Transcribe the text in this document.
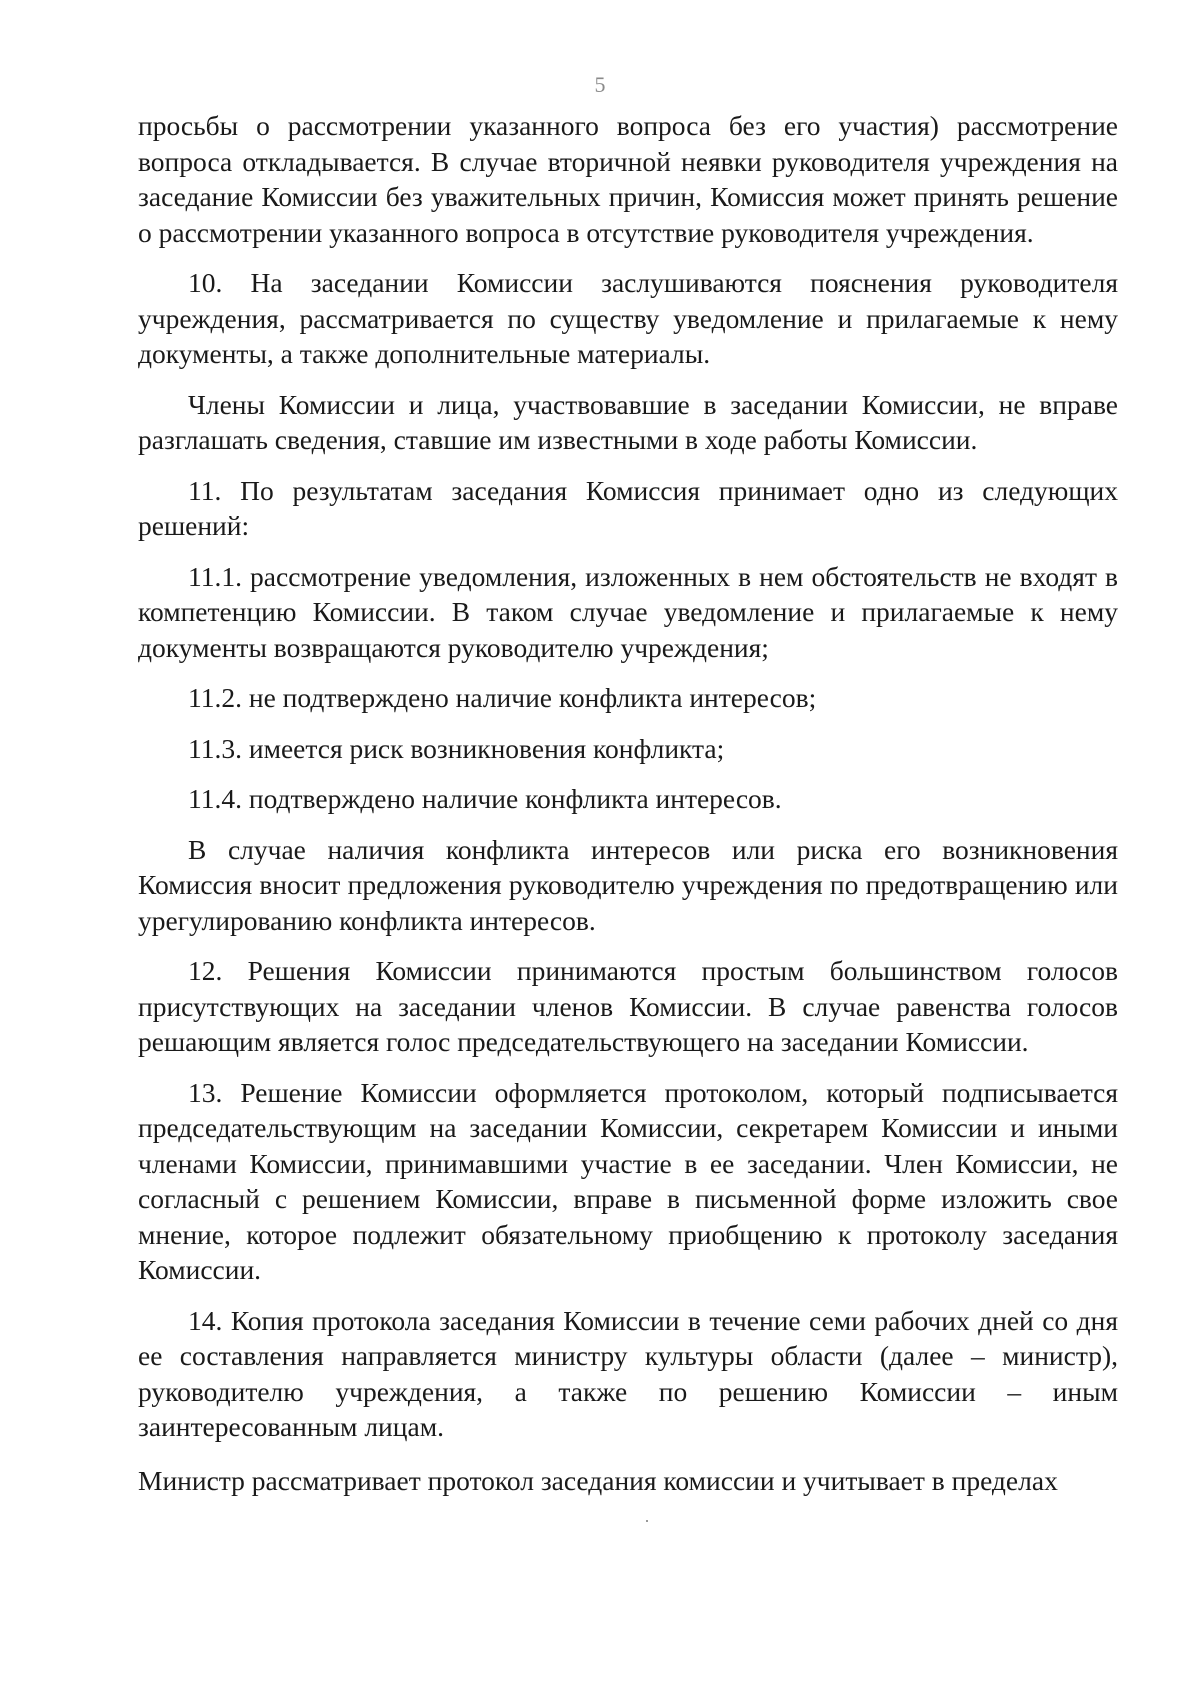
5

просьбы о рассмотрении указанного вопроса без его участия) рассмотрение вопроса откладывается. В случае вторичной неявки руководителя учреждения на заседание Комиссии без уважительных причин, Комиссия может принять решение о рассмотрении указанного вопроса в отсутствие руководителя учреждения.

10. На заседании Комиссии заслушиваются пояснения руководителя учреждения, рассматривается по существу уведомление и прилагаемые к нему документы, а также дополнительные материалы.

Члены Комиссии и лица, участвовавшие в заседании Комиссии, не вправе разглашать сведения, ставшие им известными в ходе работы Комиссии.

11. По результатам заседания Комиссия принимает одно из следующих решений:

11.1. рассмотрение уведомления, изложенных в нем обстоятельств не входят в компетенцию Комиссии. В таком случае уведомление и прилагаемые к нему документы возвращаются руководителю учреждения;

11.2. не подтверждено наличие конфликта интересов;

11.3. имеется риск возникновения конфликта;

11.4. подтверждено наличие конфликта интересов.

В случае наличия конфликта интересов или риска его возникновения Комиссия вносит предложения руководителю учреждения по предотвращению или урегулированию конфликта интересов.

12. Решения Комиссии принимаются простым большинством голосов присутствующих на заседании членов Комиссии. В случае равенства голосов решающим является голос председательствующего на заседании Комиссии.

13. Решение Комиссии оформляется протоколом, который подписывается председательствующим на заседании Комиссии, секретарем Комиссии и иными членами Комиссии, принимавшими участие в ее заседании. Член Комиссии, не согласный с решением Комиссии, вправе в письменной форме изложить свое мнение, которое подлежит обязательному приобщению к протоколу заседания Комиссии.

14. Копия протокола заседания Комиссии в течение семи рабочих дней со дня ее составления направляется министру культуры области (далее – министр), руководителю учреждения, а также по решению Комиссии – иным заинтересованным лицам.

Министр рассматривает протокол заседания комиссии и учитывает в пределах
